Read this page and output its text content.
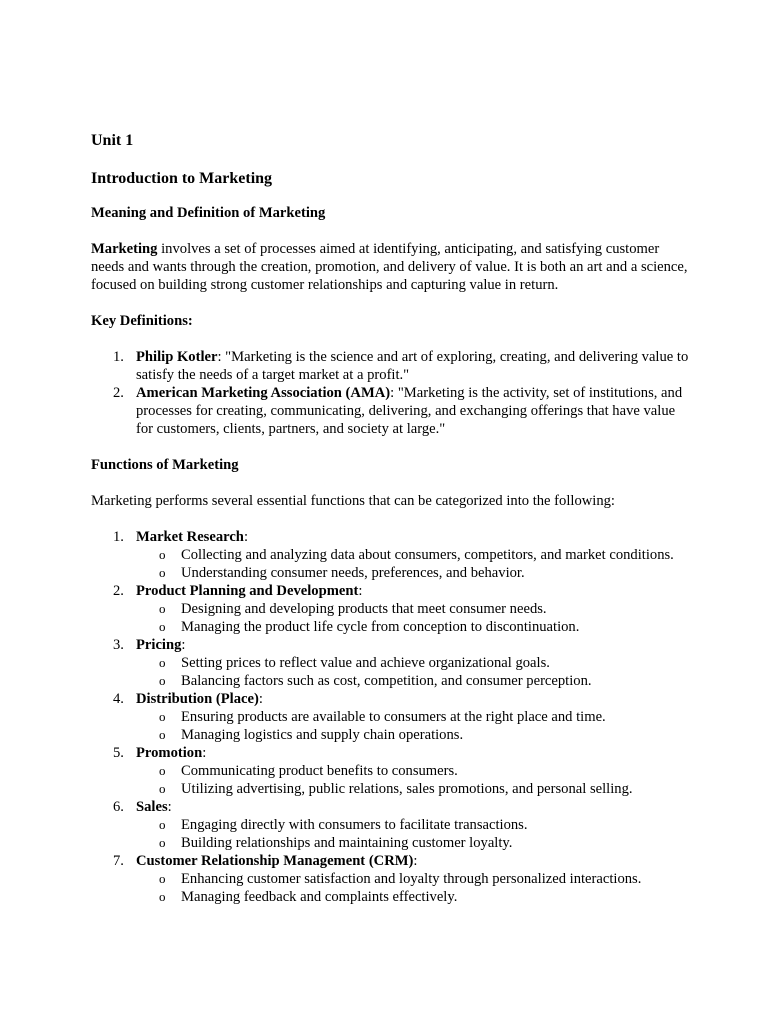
Unit 1
Introduction to Marketing
Meaning and Definition of Marketing

Marketing involves a set of processes aimed at identifying, anticipating, and satisfying customer needs and wants through the creation, promotion, and delivery of value. It is both an art and a science, focused on building strong customer relationships and capturing value in return.

Key Definitions:
1. Philip Kotler: "Marketing is the science and art of exploring, creating, and delivering value to satisfy the needs of a target market at a profit."
2. American Marketing Association (AMA): "Marketing is the activity, set of institutions, and processes for creating, communicating, delivering, and exchanging offerings that have value for customers, clients, partners, and society at large."
Functions of Marketing

Marketing performs several essential functions that can be categorized into the following:

1. Market Research:
o Collecting and analyzing data about consumers, competitors, and market conditions.
o Understanding consumer needs, preferences, and behavior.
2. Product Planning and Development:
o Designing and developing products that meet consumer needs.
o Managing the product life cycle from conception to discontinuation.
3. Pricing:
o Setting prices to reflect value and achieve organizational goals.
o Balancing factors such as cost, competition, and consumer perception.
4. Distribution (Place):
o Ensuring products are available to consumers at the right place and time.
o Managing logistics and supply chain operations.
5. Promotion:
o Communicating product benefits to consumers.
o Utilizing advertising, public relations, sales promotions, and personal selling.
6. Sales:
o Engaging directly with consumers to facilitate transactions.
o Building relationships and maintaining customer loyalty.
7. Customer Relationship Management (CRM):
o Enhancing customer satisfaction and loyalty through personalized interactions.
o Managing feedback and complaints effectively.
